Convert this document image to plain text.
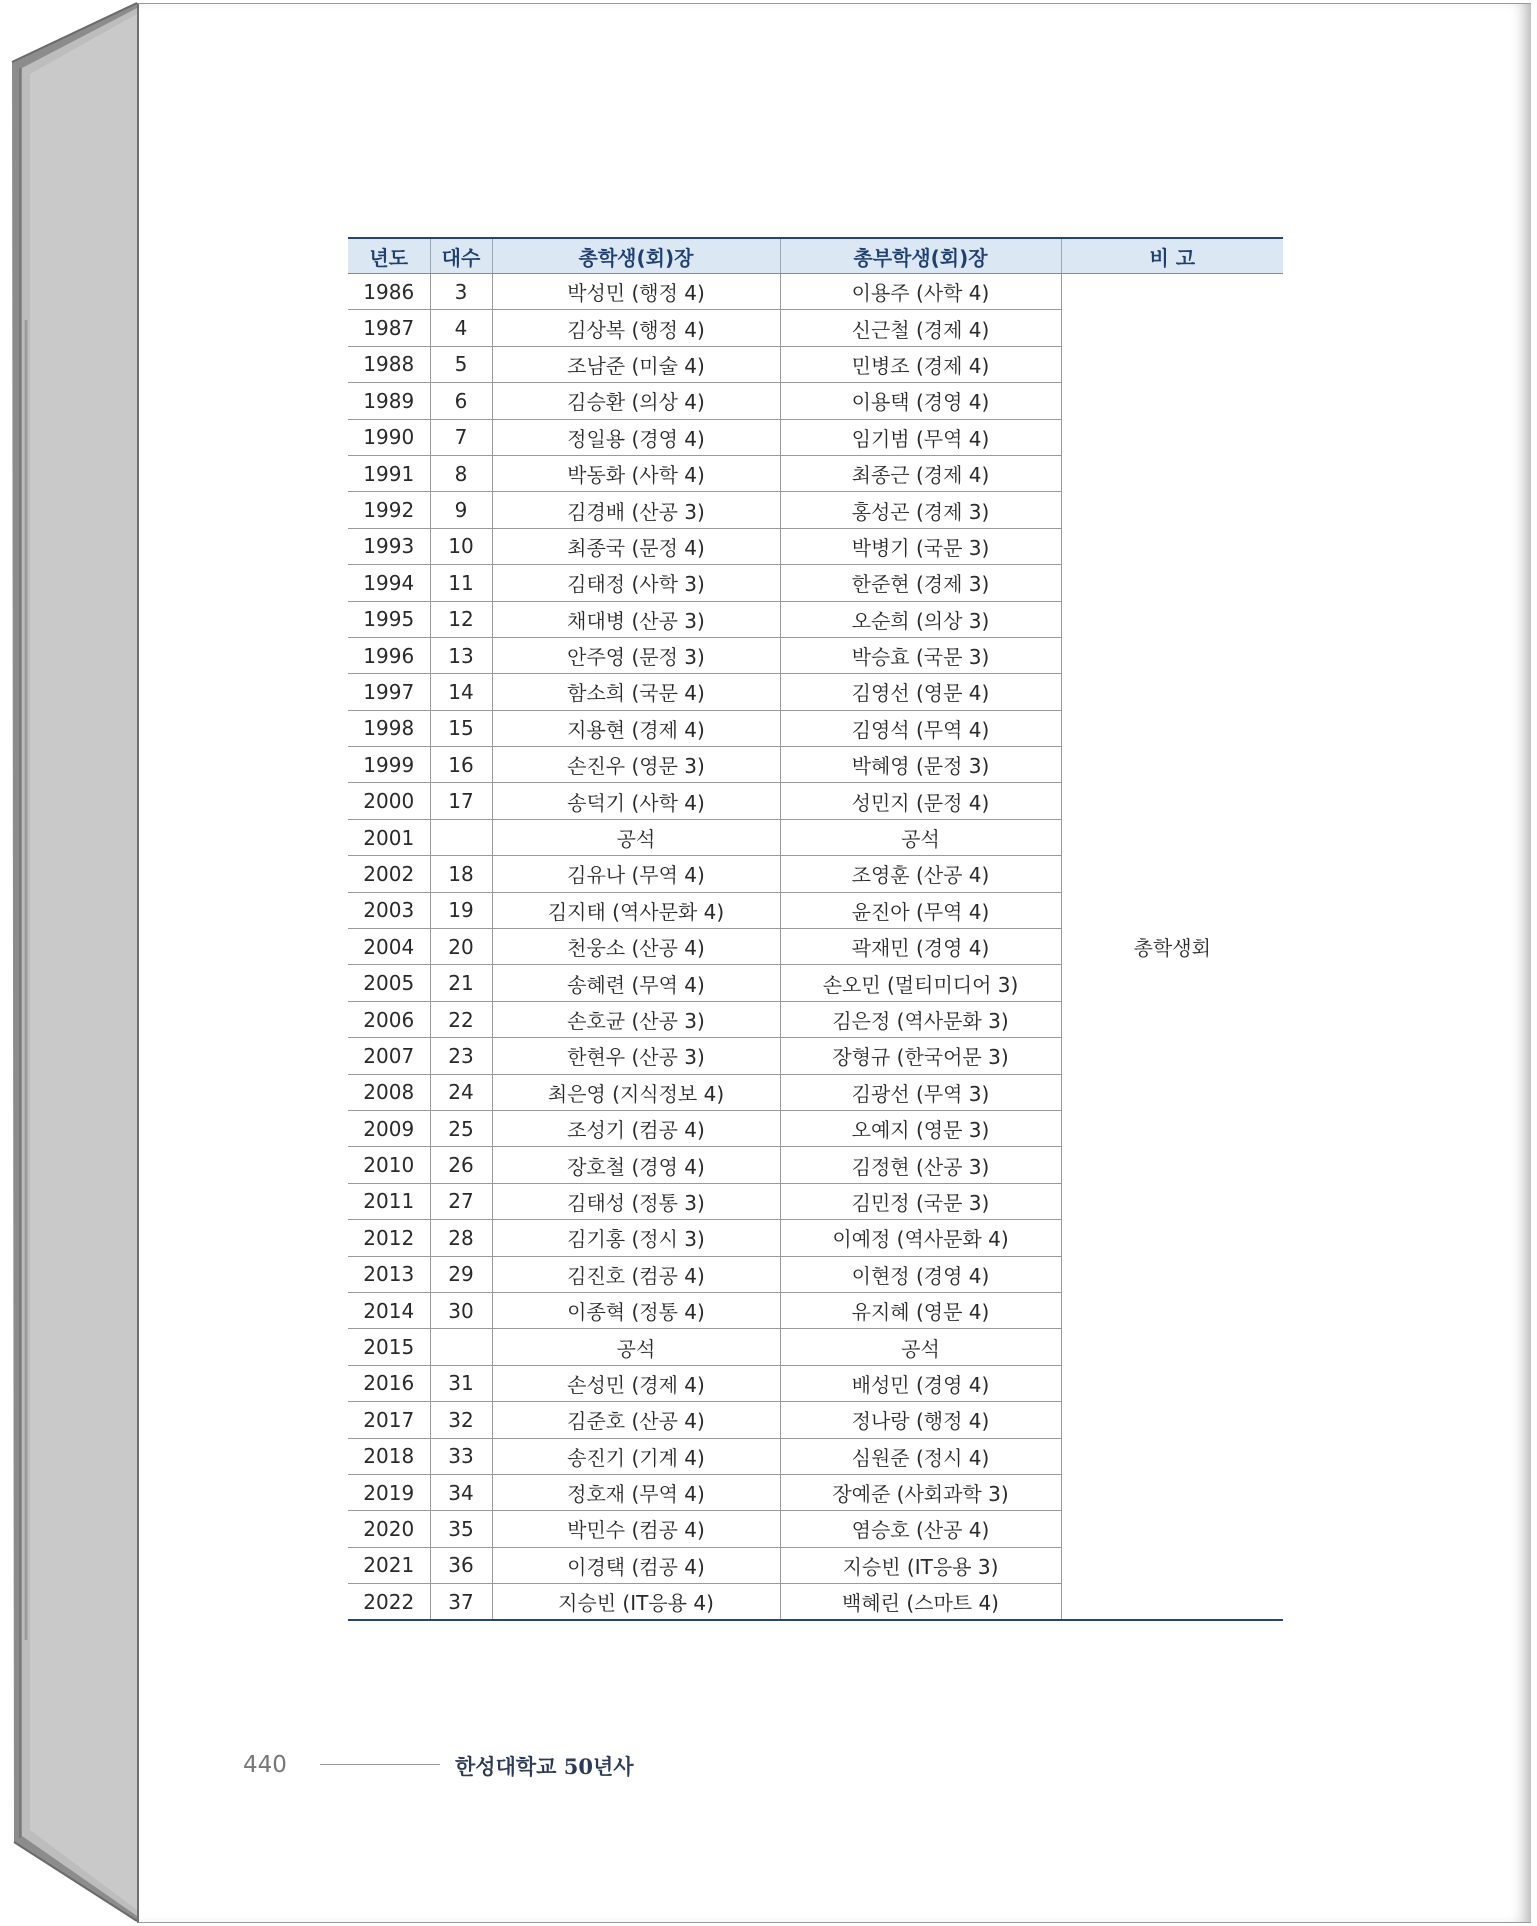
년도	대수	총학생(회)장	총부학생(회)장	비 고
1986	3	박성민 (행정 4)	이용주 (사학 4)	총학생회
1987	4	김상복 (행정 4)	신근철 (경제 4)	
1988	5	조남준 (미술 4)	민병조 (경제 4)	
1989	6	김승환 (의상 4)	이용택 (경영 4)	
1990	7	정일용 (경영 4)	임기범 (무역 4)	
1991	8	박동화 (사학 4)	최종근 (경제 4)	
1992	9	김경배 (산공 3)	홍성곤 (경제 3)	
1993	10	최종국 (문정 4)	박병기 (국문 3)	
1994	11	김태정 (사학 3)	한준현 (경제 3)	
1995	12	채대병 (산공 3)	오순희 (의상 3)	
1996	13	안주영 (문정 3)	박승효 (국문 3)	
1997	14	함소희 (국문 4)	김영선 (영문 4)	
1998	15	지용현 (경제 4)	김영석 (무역 4)	
1999	16	손진우 (영문 3)	박혜영 (문정 3)	
2000	17	송덕기 (사학 4)	성민지 (문정 4)	
2001		공석	공석	
2002	18	김유나 (무역 4)	조영훈 (산공 4)	
2003	19	김지태 (역사문화 4)	윤진아 (무역 4)	
2004	20	천웅소 (산공 4)	곽재민 (경영 4)	
2005	21	송혜련 (무역 4)	손오민 (멀티미디어 3)	
2006	22	손호균 (산공 3)	김은정 (역사문화 3)	
2007	23	한현우 (산공 3)	장형규 (한국어문 3)	
2008	24	최은영 (지식정보 4)	김광선 (무역 3)	
2009	25	조성기 (컴공 4)	오예지 (영문 3)	
2010	26	장호철 (경영 4)	김정현 (산공 3)	
2011	27	김태성 (정통 3)	김민정 (국문 3)	
2012	28	김기홍 (정시 3)	이예정 (역사문화 4)	
2013	29	김진호 (컴공 4)	이현정 (경영 4)	
2014	30	이종혁 (정통 4)	유지혜 (영문 4)	
2015		공석	공석	
2016	31	손성민 (경제 4)	배성민 (경영 4)	
2017	32	김준호 (산공 4)	정나랑 (행정 4)	
2018	33	송진기 (기계 4)	심원준 (정시 4)	
2019	34	정호재 (무역 4)	장예준 (사회과학 3)	
2020	35	박민수 (컴공 4)	염승호 (산공 4)	
2021	36	이경택 (컴공 4)	지승빈 (IT응용 3)	
2022	37	지승빈 (IT응용 4)	백혜린 (스마트 4)	
440	한성대학교 50년사
